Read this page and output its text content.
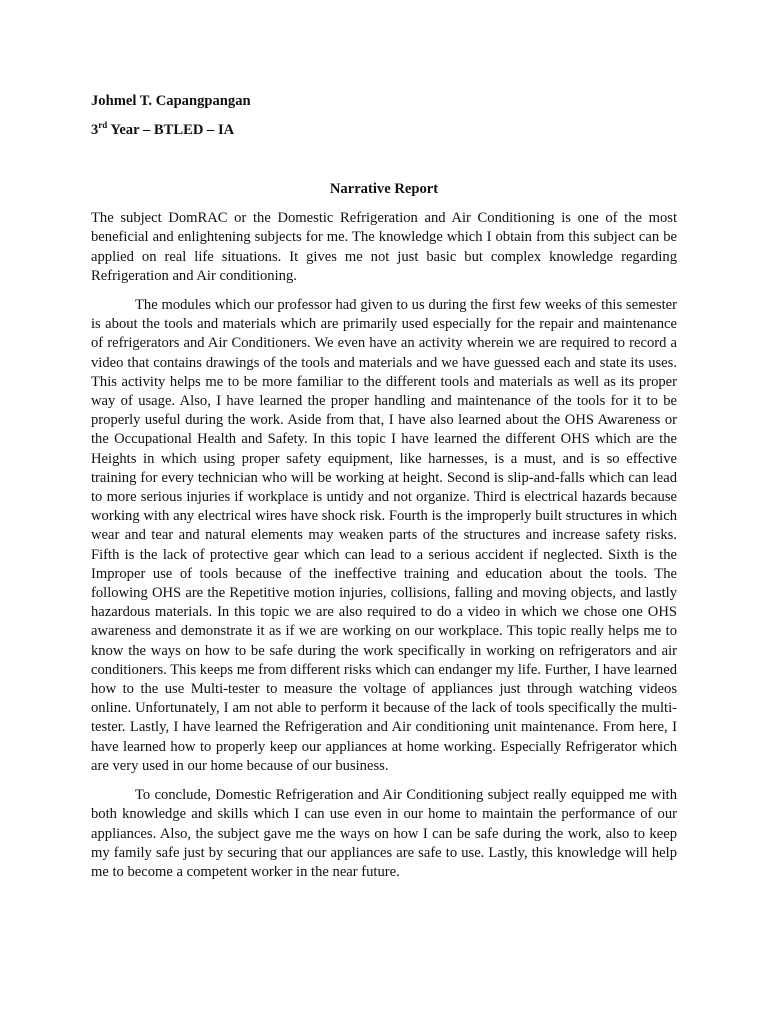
Johmel T. Capangpangan

3rd Year – BTLED – IA

Narrative Report

The subject DomRAC or the Domestic Refrigeration and Air Conditioning is one of the most beneficial and enlightening subjects for me. The knowledge which I obtain from this subject can be applied on real life situations. It gives me not just basic but complex knowledge regarding Refrigeration and Air conditioning.

The modules which our professor had given to us during the first few weeks of this semester is about the tools and materials which are primarily used especially for the repair and maintenance of refrigerators and Air Conditioners. We even have an activity wherein we are required to record a video that contains drawings of the tools and materials and we have guessed each and state its uses. This activity helps me to be more familiar to the different tools and materials as well as its proper way of usage. Also, I have learned the proper handling and maintenance of the tools for it to be properly useful during the work. Aside from that, I have also learned about the OHS Awareness or the Occupational Health and Safety. In this topic I have learned the different OHS which are the Heights in which using proper safety equipment, like harnesses, is a must, and is so effective training for every technician who will be working at height. Second is slip-and-falls which can lead to more serious injuries if workplace is untidy and not organize. Third is electrical hazards because working with any electrical wires have shock risk. Fourth is the improperly built structures in which wear and tear and natural elements may weaken parts of the structures and increase safety risks. Fifth is the lack of protective gear which can lead to a serious accident if neglected. Sixth is the Improper use of tools because of the ineffective training and education about the tools. The following OHS are the Repetitive motion injuries, collisions, falling and moving objects, and lastly hazardous materials. In this topic we are also required to do a video in which we chose one OHS awareness and demonstrate it as if we are working on our workplace. This topic really helps me to know the ways on how to be safe during the work specifically in working on refrigerators and air conditioners. This keeps me from different risks which can endanger my life. Further, I have learned how to the use Multi-tester to measure the voltage of appliances just through watching videos online. Unfortunately, I am not able to perform it because of the lack of tools specifically the multi-tester. Lastly, I have learned the Refrigeration and Air conditioning unit maintenance. From here, I have learned how to properly keep our appliances at home working. Especially Refrigerator which are very used in our home because of our business.

To conclude, Domestic Refrigeration and Air Conditioning subject really equipped me with both knowledge and skills which I can use even in our home to maintain the performance of our appliances. Also, the subject gave me the ways on how I can be safe during the work, also to keep my family safe just by securing that our appliances are safe to use. Lastly, this knowledge will help me to become a competent worker in the near future.
